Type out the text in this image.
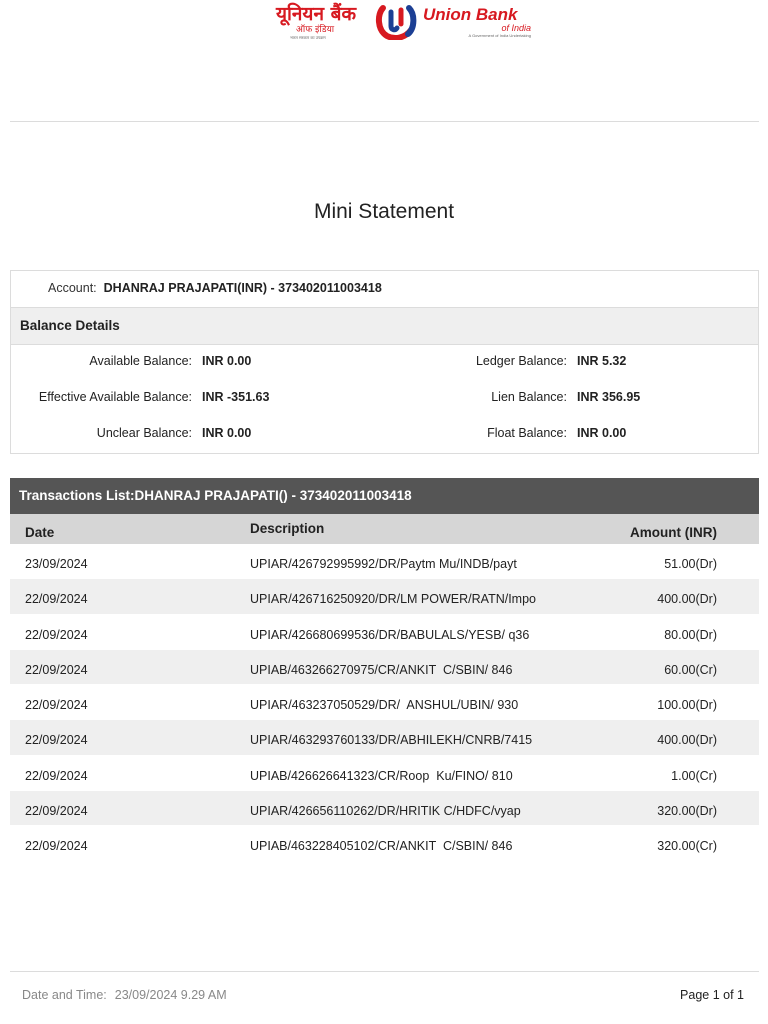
यूनियन बैंक
ऑफ इंडिया
भारत सरकार का उपक्रम
Union Bank
of India
A Government of India Undertaking
Mini Statement
Account: DHANRAJ PRAJAPATI(INR) - 373402011003418
Balance Details
Available Balance: INR 0.00	Ledger Balance: INR 5.32
Effective Available Balance: INR -351.63	Lien Balance: INR 356.95
Unclear Balance: INR 0.00	Float Balance: INR 0.00
Transactions List:DHANRAJ PRAJAPATI() - 373402011003418
Date	Description	Amount (INR)
23/09/2024	UPIAR/426792995992/DR/Paytm Mu/INDB/payt	51.00(Dr)
22/09/2024	UPIAR/426716250920/DR/LM POWER/RATN/Impo	400.00(Dr)
22/09/2024	UPIAR/426680699536/DR/BABULALS/YESB/ q36	80.00(Dr)
22/09/2024	UPIAB/463266270975/CR/ANKIT  C/SBIN/ 846	60.00(Cr)
22/09/2024	UPIAR/463237050529/DR/  ANSHUL/UBIN/ 930	100.00(Dr)
22/09/2024	UPIAR/463293760133/DR/ABHILEKH/CNRB/7415	400.00(Dr)
22/09/2024	UPIAB/426626641323/CR/Roop  Ku/FINO/ 810	1.00(Cr)
22/09/2024	UPIAR/426656110262/DR/HRITIK C/HDFC/vyap	320.00(Dr)
22/09/2024	UPIAB/463228405102/CR/ANKIT  C/SBIN/ 846	320.00(Cr)
Date and Time: 23/09/2024 9.29 AM	Page 1 of 1
